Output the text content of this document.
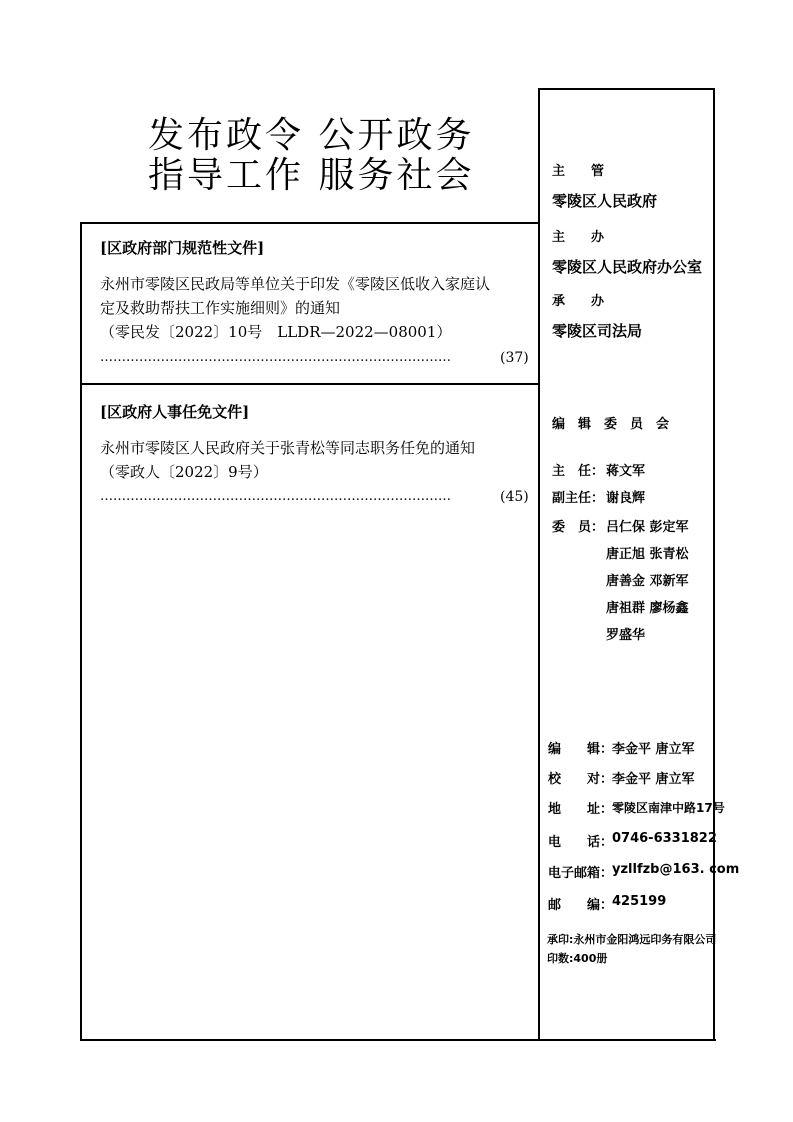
发布政令 公开政务
指导工作 服务社会
[区政府部门规范性文件]
永州市零陵区民政局等单位关于印发《零陵区低收入家庭认
定及救助帮扶工作实施细则》的通知
（零民发〔2022〕10号　LLDR—2022—08001）
………………………………………………………………………	(37)
[区政府人事任免文件]
永州市零陵区人民政府关于张青松等同志职务任免的通知
（零政人〔2022〕9号）
………………………………………………………………………	(45)
主　　管
零陵区人民政府
主　　办
零陵区人民政府办公室
承　　办
零陵区司法局
编　辑　委　员　会
主　任： 蒋文军
副主任： 谢良辉
委　员： 吕仁保 彭定军
唐正旭 张青松
唐善金 邓新军
唐祖群 廖杨鑫
罗盛华
编　　辑：
李金平 唐立军
校　　对：
李金平 唐立军
地　　址：
零陵区南津中路17号
电　　话：
0746-6331822
电子邮箱：
yzllfzb@163. com
邮　　编：
425199
承印:永州市金阳鸿远印务有限公司
印数:400册
